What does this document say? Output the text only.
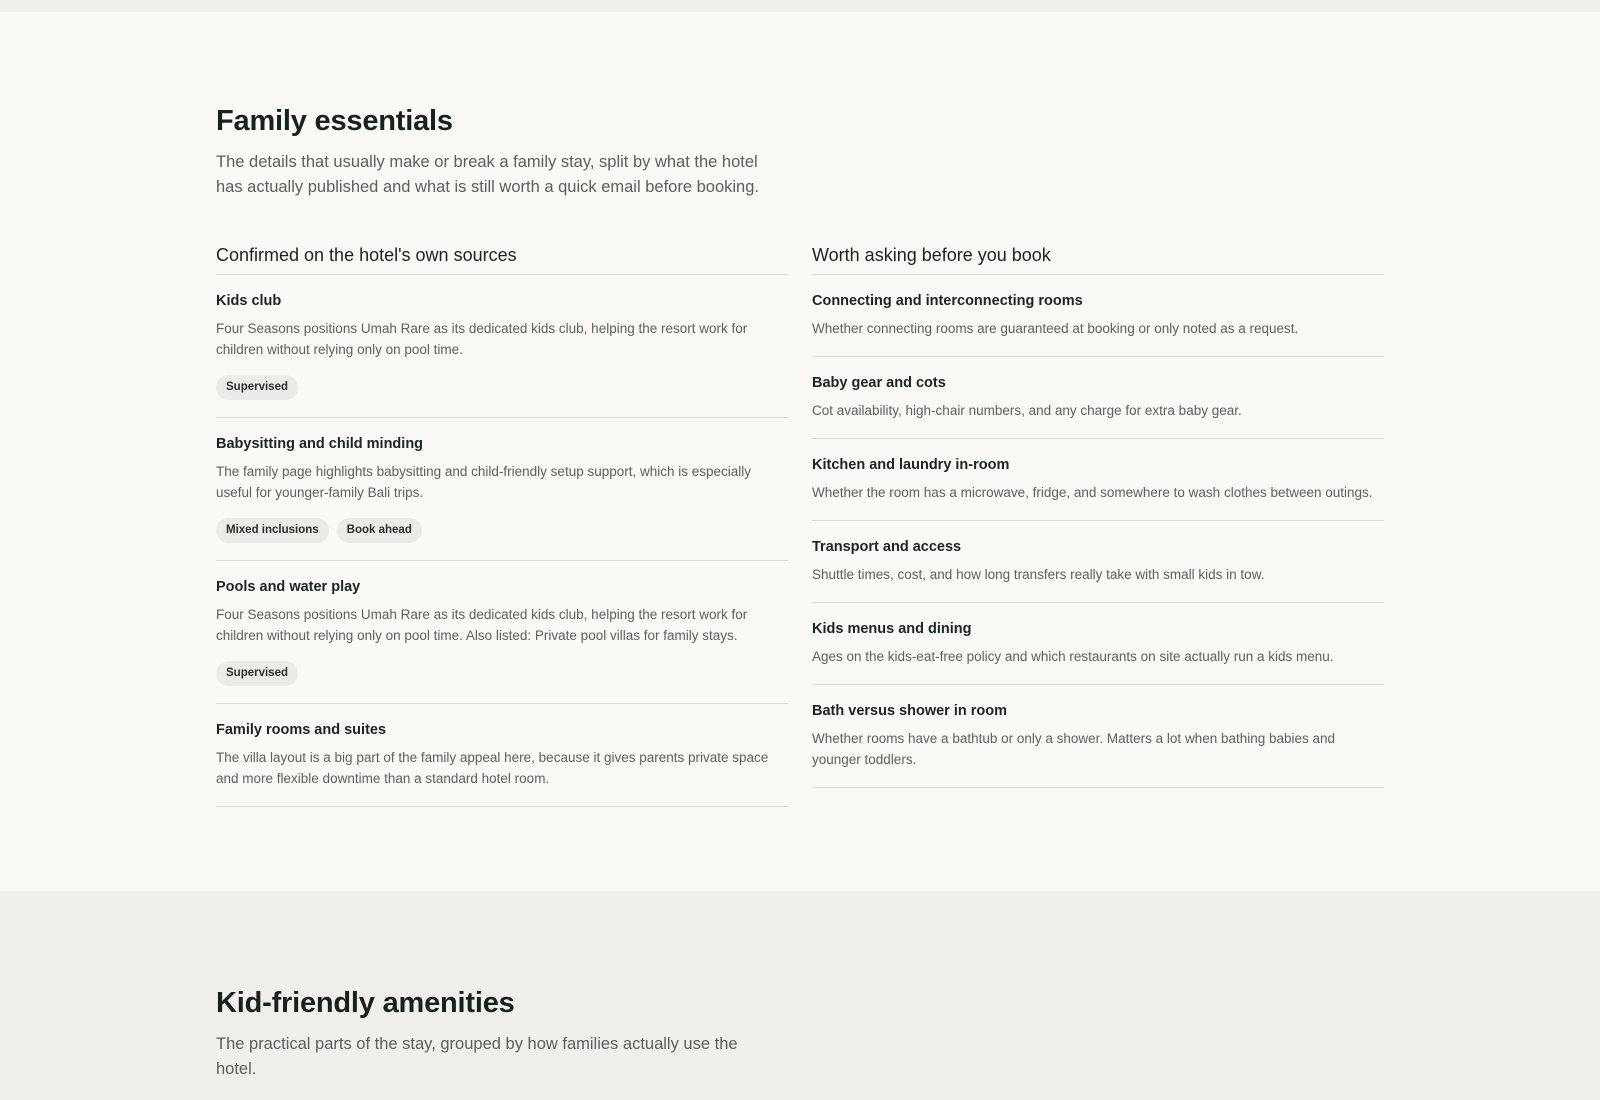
Family essentials

The details that usually make or break a family stay, split by what the hotel has actually published and what is still worth a quick email before booking.

Confirmed on the hotel's own sources
Kids club
Four Seasons positions Umah Rare as its dedicated kids club, helping the resort work for children without relying only on pool time.
Supervised
Babysitting and child minding
The family page highlights babysitting and child-friendly setup support, which is especially useful for younger-family Bali trips.
Mixed inclusions	Book ahead
Pools and water play
Four Seasons positions Umah Rare as its dedicated kids club, helping the resort work for children without relying only on pool time. Also listed: Private pool villas for family stays.
Supervised
Family rooms and suites
The villa layout is a big part of the family appeal here, because it gives parents private space and more flexible downtime than a standard hotel room.
Worth asking before you book
Connecting and interconnecting rooms
Whether connecting rooms are guaranteed at booking or only noted as a request.
Baby gear and cots
Cot availability, high-chair numbers, and any charge for extra baby gear.
Kitchen and laundry in-room
Whether the room has a microwave, fridge, and somewhere to wash clothes between outings.
Transport and access
Shuttle times, cost, and how long transfers really take with small kids in tow.
Kids menus and dining
Ages on the kids-eat-free policy and which restaurants on site actually run a kids menu.
Bath versus shower in room
Whether rooms have a bathtub or only a shower. Matters a lot when bathing babies and younger toddlers.
Kid-friendly amenities

The practical parts of the stay, grouped by how families actually use the hotel.
